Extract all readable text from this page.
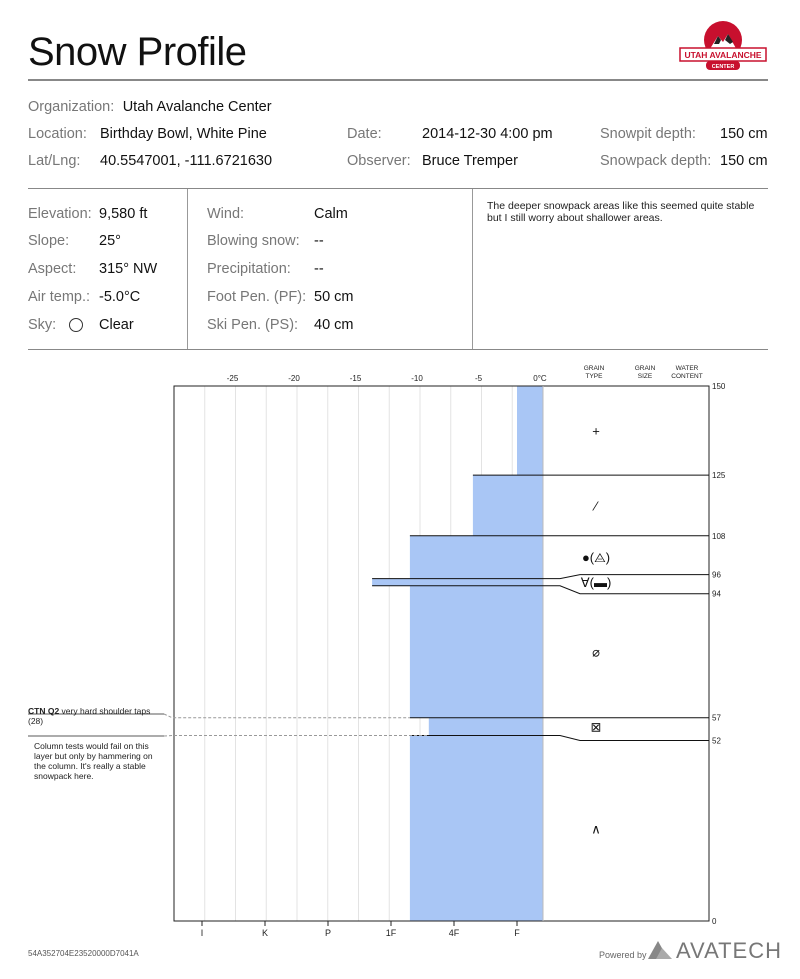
Snow Profile	UTAH AVALANCHE
CENTER
Organization: Utah Avalanche Center
Location: Birthday Bowl, White Pine
Lat/Lng: 40.5547001, -111.6721630
Date:	2014-12-30 4:00 pm
Observer: Bruce Tremper
Snowpit depth: 150 cm
Snowpack depth: 150 cm
Elevation: 9,580 ft
Slope: 25°
Aspect: 315° NW
Air temp.: -5.0°C
Sky:	Clear
Wind:	Calm
Blowing snow: --
Precipitation: --
Foot Pen. (PF): 50 cm
Ski Pen. (PS): 40 cm
The deeper snowpack areas like this seemed quite stable but I still worry about shallower areas.
-25	-20	-15	-10	-5	0°C
I	K	P	1F	4F	F
GRAIN
TYPE
GRAIN
SIZE
WATER
CONTENT
150
125
108
96
94
57
52
0
+
⁄
●(⨺)
∀(▬)
⌀
⊠
∧
CTN Q2 very hard shoulder taps (28)
Column tests would fail on this layer but only by hammering on the column. It's really a stable snowpack here.
54A352704E23520000D7041A	Powered by AVATECH
